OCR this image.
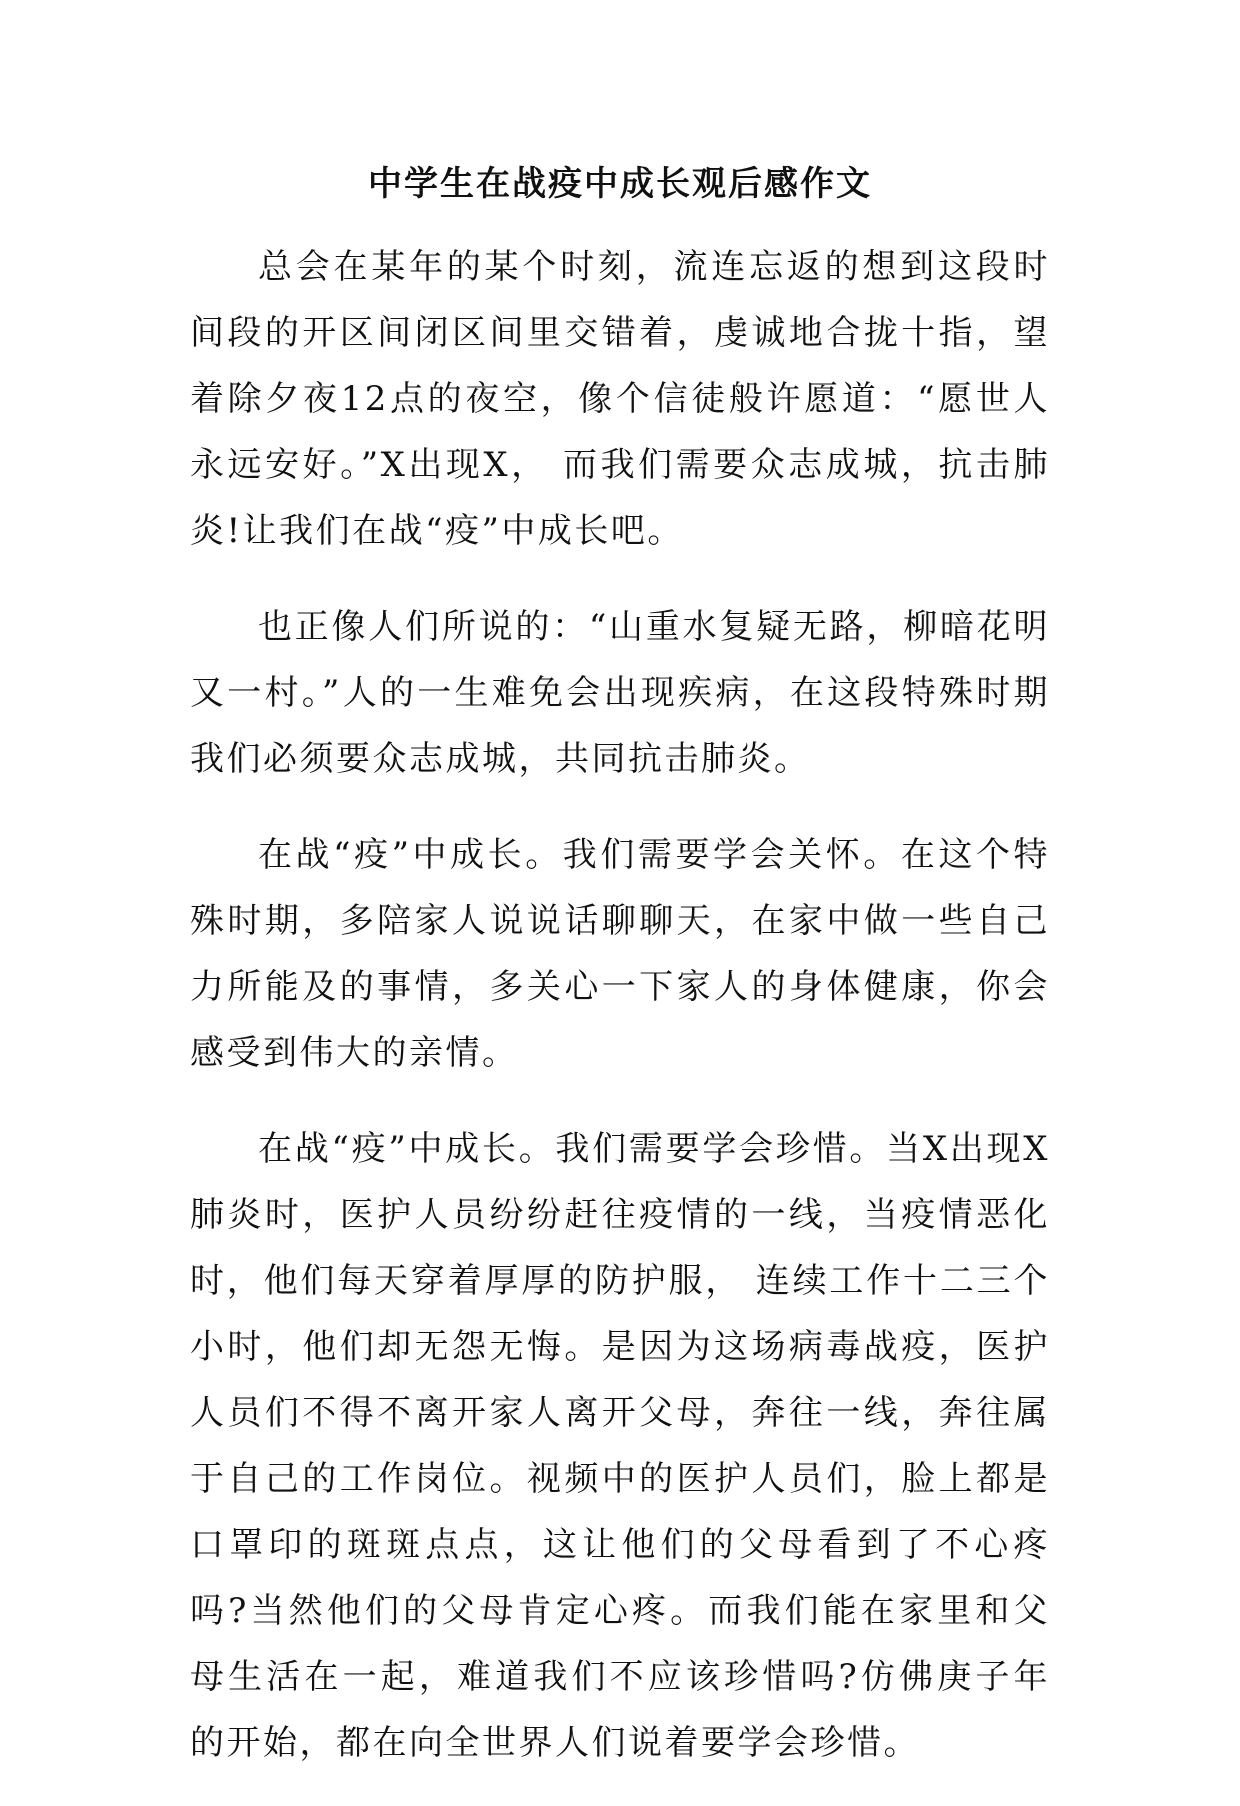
中学生在战疫中成长观后感作文

总会在某年的某个时刻，流连忘返的想到这段时间段的开区间闭区间里交错着，虔诚地合拢十指，望着除夕夜12点的夜空，像个信徒般许愿道：“愿世人永远安好。”X出现X， 而我们需要众志成城，抗击肺炎!让我们在战“疫”中成长吧。

也正像人们所说的：“山重水复疑无路，柳暗花明又一村。”人的一生难免会出现疾病，在这段特殊时期我们必须要众志成城，共同抗击肺炎。

在战“疫”中成长。我们需要学会关怀。在这个特殊时期，多陪家人说说话聊聊天，在家中做一些自己力所能及的事情，多关心一下家人的身体健康，你会感受到伟大的亲情。

在战“疫”中成长。我们需要学会珍惜。当X出现X肺炎时，医护人员纷纷赶往疫情的一线，当疫情恶化时，他们每天穿着厚厚的防护服， 连续工作十二三个小时，他们却无怨无悔。是因为这场病毒战疫，医护人员们不得不离开家人离开父母，奔往一线，奔往属于自己的工作岗位。视频中的医护人员们，脸上都是口罩印的斑斑点点，这让他们的父母看到了不心疼吗?当然他们的父母肯定心疼。而我们能在家里和父母生活在一起，难道我们不应该珍惜吗?仿佛庚子年的开始，都在向全世界人们说着要学会珍惜。
